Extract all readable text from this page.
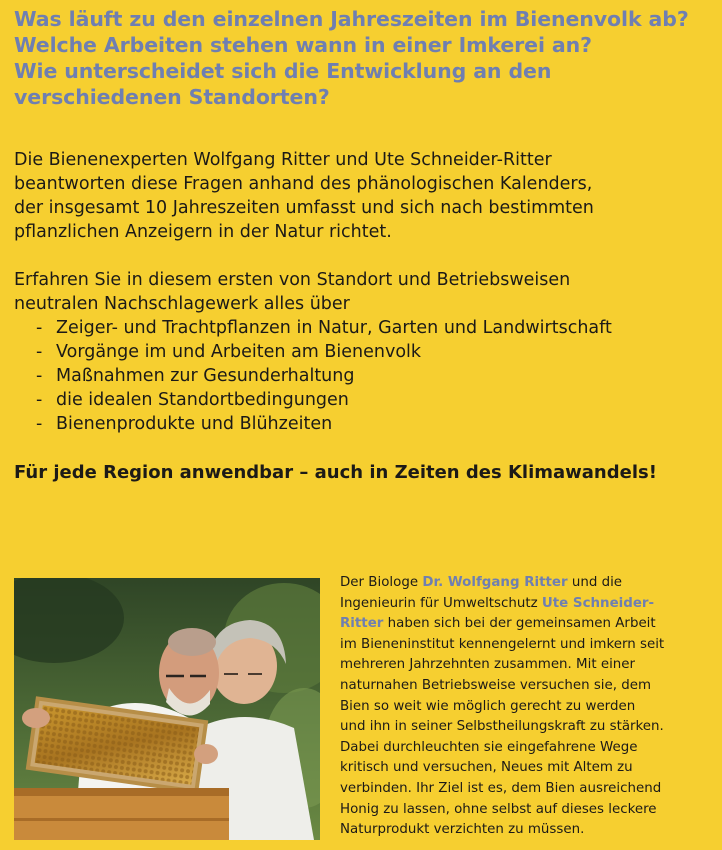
Was läuft zu den einzelnen Jahreszeiten im Bienenvolk ab?
Welche Arbeiten stehen wann in einer Imkerei an?
Wie unterscheidet sich die Entwicklung an den
verschiedenen Standorten?

Die Bienenexperten Wolfgang Ritter und Ute Schneider-Ritter
beantworten diese Fragen anhand des phänologischen Kalenders,
der insgesamt 10 Jahreszeiten umfasst und sich nach bestimmten
pflanzlichen Anzeigern in der Natur richtet.

Erfahren Sie in diesem ersten von Standort und Betriebsweisen
neutralen Nachschlagewerk alles über

- Zeiger- und Trachtpflanzen in Natur, Garten und Landwirtschaft
- Vorgänge im und Arbeiten am Bienenvolk
- Maßnahmen zur Gesunderhaltung
- die idealen Standortbedingungen
- Bienenprodukte und Blühzeiten

Für jede Region anwendbar – auch in Zeiten des Klimawandels!

Der Biologe Dr. Wolfgang Ritter und die
Ingenieurin für Umweltschutz Ute Schneider-
Ritter haben sich bei der gemeinsamen Arbeit
im Bieneninstitut kennengelernt und imkern seit
mehreren Jahrzehnten zusammen. Mit einer
naturnahen Betriebsweise versuchen sie, dem
Bien so weit wie möglich gerecht zu werden
und ihn in seiner Selbstheilungskraft zu stärken.
Dabei durchleuchten sie eingefahrene Wege
kritisch und versuchen, Neues mit Altem zu
verbinden. Ihr Ziel ist es, dem Bien ausreichend
Honig zu lassen, ohne selbst auf dieses leckere
Naturprodukt verzichten zu müssen.
